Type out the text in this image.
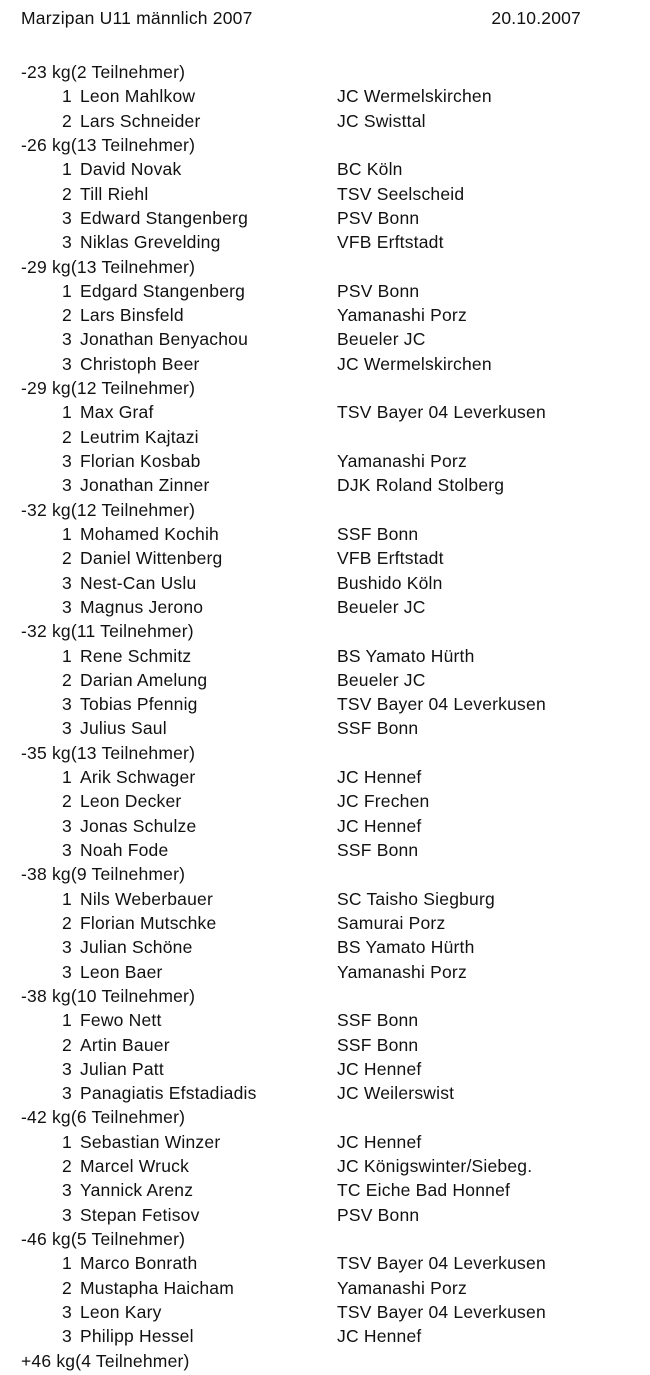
Marzipan U11 männlich 2007	20.10.2007
-23 kg(2 Teilnehmer)
1 Leon Mahlkow	JC Wermelskirchen
2 Lars Schneider	JC Swisttal
-26 kg(13 Teilnehmer)
1 David Novak	BC Köln
2 Till Riehl	TSV Seelscheid
3 Edward Stangenberg	PSV Bonn
3 Niklas Grevelding	VFB Erftstadt
-29 kg(13 Teilnehmer)
1 Edgard Stangenberg	PSV Bonn
2 Lars Binsfeld	Yamanashi Porz
3 Jonathan Benyachou	Beueler JC
3 Christoph Beer	JC Wermelskirchen
-29 kg(12 Teilnehmer)
1 Max Graf	TSV Bayer 04 Leverkusen
2 Leutrim Kajtazi
3 Florian Kosbab	Yamanashi Porz
3 Jonathan Zinner	DJK Roland Stolberg
-32 kg(12 Teilnehmer)
1 Mohamed Kochih	SSF Bonn
2 Daniel Wittenberg	VFB Erftstadt
3 Nest-Can Uslu	Bushido Köln
3 Magnus Jerono	Beueler JC
-32 kg(11 Teilnehmer)
1 Rene Schmitz	BS Yamato Hürth
2 Darian Amelung	Beueler JC
3 Tobias Pfennig	TSV Bayer 04 Leverkusen
3 Julius Saul	SSF Bonn
-35 kg(13 Teilnehmer)
1 Arik Schwager	JC Hennef
2 Leon Decker	JC Frechen
3 Jonas Schulze	JC Hennef
3 Noah Fode	SSF Bonn
-38 kg(9 Teilnehmer)
1 Nils Weberbauer	SC Taisho Siegburg
2 Florian Mutschke	Samurai Porz
3 Julian Schöne	BS Yamato Hürth
3 Leon Baer	Yamanashi Porz
-38 kg(10 Teilnehmer)
1 Fewo Nett	SSF Bonn
2 Artin Bauer	SSF Bonn
3 Julian Patt	JC Hennef
3 Panagiatis Efstadiadis	JC Weilerswist
-42 kg(6 Teilnehmer)
1 Sebastian Winzer	JC Hennef
2 Marcel Wruck	JC Königswinter/Siebeg.
3 Yannick Arenz	TC Eiche Bad Honnef
3 Stepan Fetisov	PSV Bonn
-46 kg(5 Teilnehmer)
1 Marco Bonrath	TSV Bayer 04 Leverkusen
2 Mustapha Haicham	Yamanashi Porz
3 Leon Kary	TSV Bayer 04 Leverkusen
3 Philipp Hessel	JC Hennef
+46 kg(4 Teilnehmer)
